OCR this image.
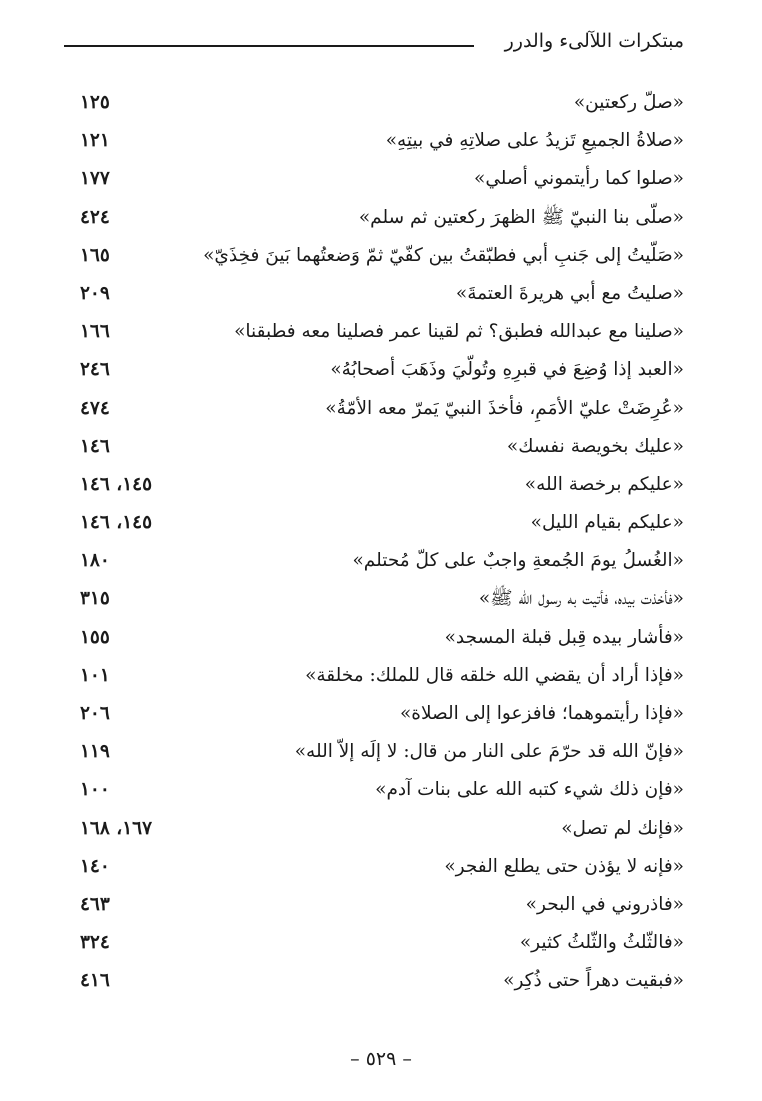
مبتكرات اللآلىء والدرر
«صلّ ركعتين»
١٢٥
«صلاةُ الجميعِ تَزيدُ على صلاتِهِ في بيتِهِ»
١٢١
«صلوا كما رأيتموني أصلي»
١٧٧
«صلّى بنا النبيّ ﷺ الظهرَ ركعتين ثم سلم»
٤٢٤
«صَلّيتُ إلى جَنبِ أبي فطبّقتُ بين كفّيّ ثمّ وَضعتُهما بَينَ فخِذَيّ»
١٦٥
«صليتُ مع أبي هريرةَ العتمةَ»
٢٠٩
«صلينا مع عبدالله فطبق؟ ثم لقينا عمر فصلينا معه فطبقنا»
١٦٦
«العبد إذا وُضِعَ في قبرِهِ وتُولّيَ وذَهَبَ أصحابُهُ»
٢٤٦
«عُرِضَتْ عليّ الأمَمِ، فأخذَ النبيّ يَمرّ معه الأمّةُ»
٤٧٤
«عليك بخويصة نفسك»
١٤٦
«عليكم برخصة الله»
١٤٥، ١٤٦
«عليكم بقيام الليل»
١٤٥، ١٤٦
«الغُسلُ يومَ الجُمعةِ واجبٌ على كلّ مُحتلم»
١٨٠
«فأخذت بيده، فأتيت به رسول الله ﷺ»
٣١٥
«فأشار بيده قِبل قبلة المسجد»
١٥٥
«فإذا أراد أن يقضي الله خلقه قال للملك: مخلقة»
١٠١
«فإذا رأيتموهما؛ فافزعوا إلى الصلاة»
٢٠٦
«فإنّ الله قد حرّمَ على النار من قال: لا إلَه إلاّ الله»
١١٩
«فإن ذلك شيء كتبه الله على بنات آدم»
١٠٠
«فإنك لم تصل»
١٦٧، ١٦٨
«فإنه لا يؤذن حتى يطلع الفجر»
١٤٠
«فاذروني في البحر»
٤٦٣
«فالثّلثُ والثّلثُ كثير»
٣٢٤
«فبقيت دهراً حتى ذُكِر»
٤١٦
– ٥٢٩ –
